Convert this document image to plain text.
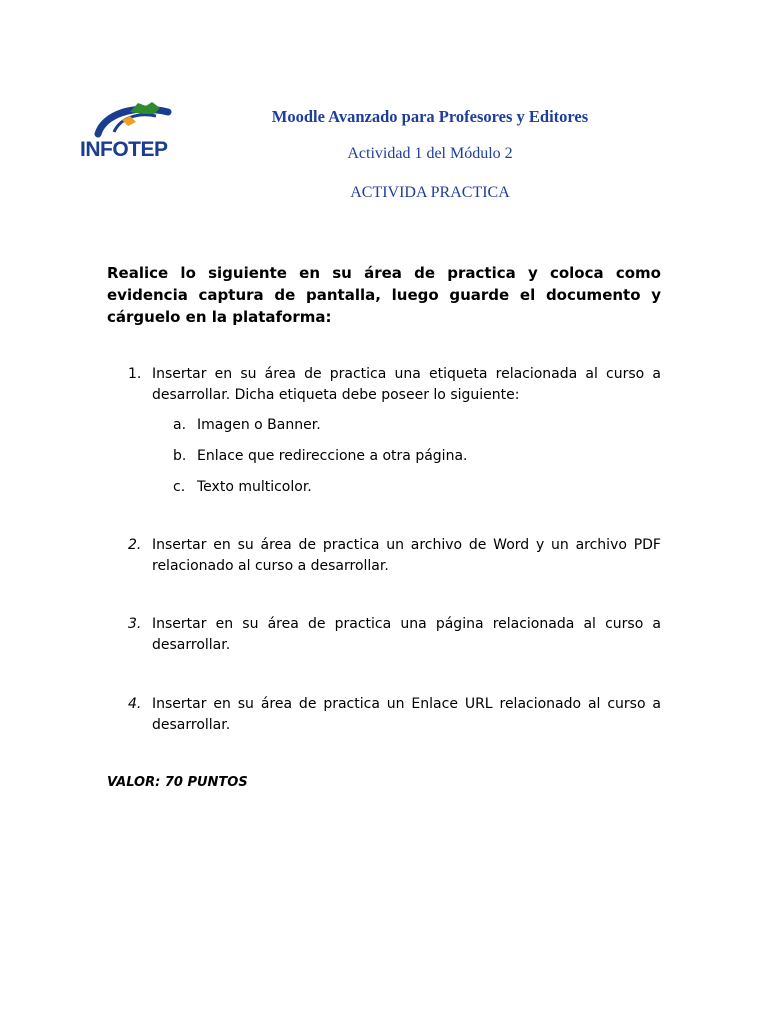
INFOTEP
Moodle Avanzado para Profesores y Editores
Actividad 1 del Módulo 2
ACTIVIDA PRACTICA
Realice lo siguiente en su área de practica y coloca como evidencia captura de pantalla, luego guarde el documento y cárguelo en la plataforma:
1. Insertar en su área de practica una etiqueta relacionada al curso a desarrollar. Dicha etiqueta debe poseer lo siguiente:
a. Imagen o Banner.
b. Enlace que redireccione a otra página.
c. Texto multicolor.
2. Insertar en su área de practica un archivo de Word y un archivo PDF relacionado al curso a desarrollar.
3. Insertar en su área de practica una página relacionada al curso a desarrollar.
4. Insertar en su área de practica un Enlace URL relacionado al curso a desarrollar.
VALOR: 70 PUNTOS
